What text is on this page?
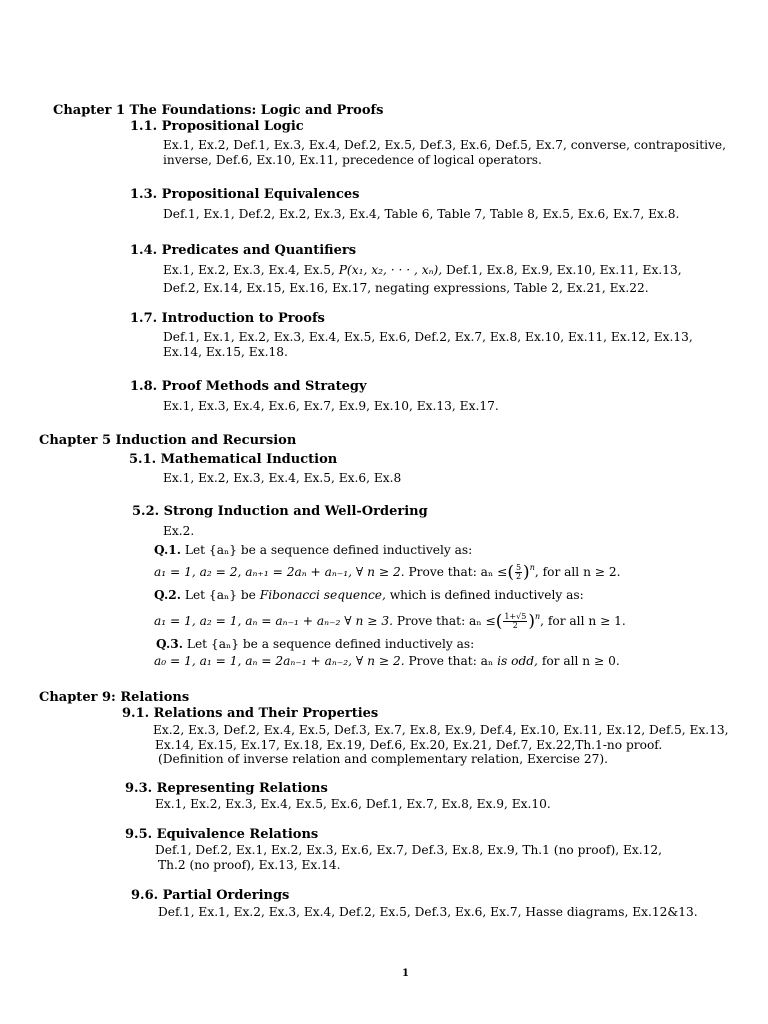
Chapter 1 The Foundations: Logic and Proofs
1.1. Propositional Logic
Ex.1, Ex.2, Def.1, Ex.3, Ex.4, Def.2, Ex.5, Def.3, Ex.6, Def.5, Ex.7, converse, contrapositive,
inverse, Def.6, Ex.10, Ex.11, precedence of logical operators.
1.3. Propositional Equivalences
Def.1, Ex.1, Def.2, Ex.2, Ex.3, Ex.4, Table 6, Table 7, Table 8, Ex.5, Ex.6, Ex.7, Ex.8.
1.4. Predicates and Quantifiers
Ex.1, Ex.2, Ex.3, Ex.4, Ex.5, P(x₁, x₂, · · · , xₙ), Def.1, Ex.8, Ex.9, Ex.10, Ex.11, Ex.13,
Def.2, Ex.14, Ex.15, Ex.16, Ex.17, negating expressions, Table 2, Ex.21, Ex.22.
1.7. Introduction to Proofs
Def.1, Ex.1, Ex.2, Ex.3, Ex.4, Ex.5, Ex.6, Def.2, Ex.7, Ex.8, Ex.10, Ex.11, Ex.12, Ex.13,
Ex.14, Ex.15, Ex.18.
1.8. Proof Methods and Strategy
Ex.1, Ex.3, Ex.4, Ex.6, Ex.7, Ex.9, Ex.10, Ex.13, Ex.17.
Chapter 5 Induction and Recursion
5.1. Mathematical Induction
Ex.1, Ex.2, Ex.3, Ex.4, Ex.5, Ex.6, Ex.8
5.2. Strong Induction and Well-Ordering
Ex.2.
Q.1. Let {aₙ} be a sequence defined inductively as:
a₁ = 1, a₂ = 2, aₙ₊₁ = 2aₙ + aₙ₋₁, ∀ n ≥ 2. Prove that: aₙ ≤( $\frac{5}{2} )^n$, for all n ≥ 2.
Q.2. Let {aₙ} be Fibonacci sequence, which is defined inductively as:
a₁ = 1, a₂ = 1, aₙ = aₙ₋₁ + aₙ₋₂ ∀ n ≥ 3. Prove that: aₙ ≤( $\frac{1+√5}{2} )^n$, for all n ≥ 1.
Q.3. Let {aₙ} be a sequence defined inductively as:
a₀ = 1, a₁ = 1, aₙ = 2aₙ₋₁ + aₙ₋₂, ∀ n ≥ 2. Prove that: aₙ is odd, for all n ≥ 0.
Chapter 9: Relations
9.1. Relations and Their Properties
Ex.2, Ex.3, Def.2, Ex.4, Ex.5, Def.3, Ex.7, Ex.8, Ex.9, Def.4, Ex.10, Ex.11, Ex.12, Def.5, Ex.13,
Ex.14, Ex.15, Ex.17, Ex.18, Ex.19, Def.6, Ex.20, Ex.21, Def.7, Ex.22,Th.1-no proof.
(Definition of inverse relation and complementary relation, Exercise 27).
9.3. Representing Relations
Ex.1, Ex.2, Ex.3, Ex.4, Ex.5, Ex.6, Def.1, Ex.7, Ex.8, Ex.9, Ex.10.
9.5. Equivalence Relations
Def.1, Def.2, Ex.1, Ex.2, Ex.3, Ex.6, Ex.7, Def.3, Ex.8, Ex.9, Th.1 (no proof), Ex.12,
Th.2 (no proof), Ex.13, Ex.14.
9.6. Partial Orderings
Def.1, Ex.1, Ex.2, Ex.3, Ex.4, Def.2, Ex.5, Def.3, Ex.6, Ex.7, Hasse diagrams, Ex.12&13.
1
